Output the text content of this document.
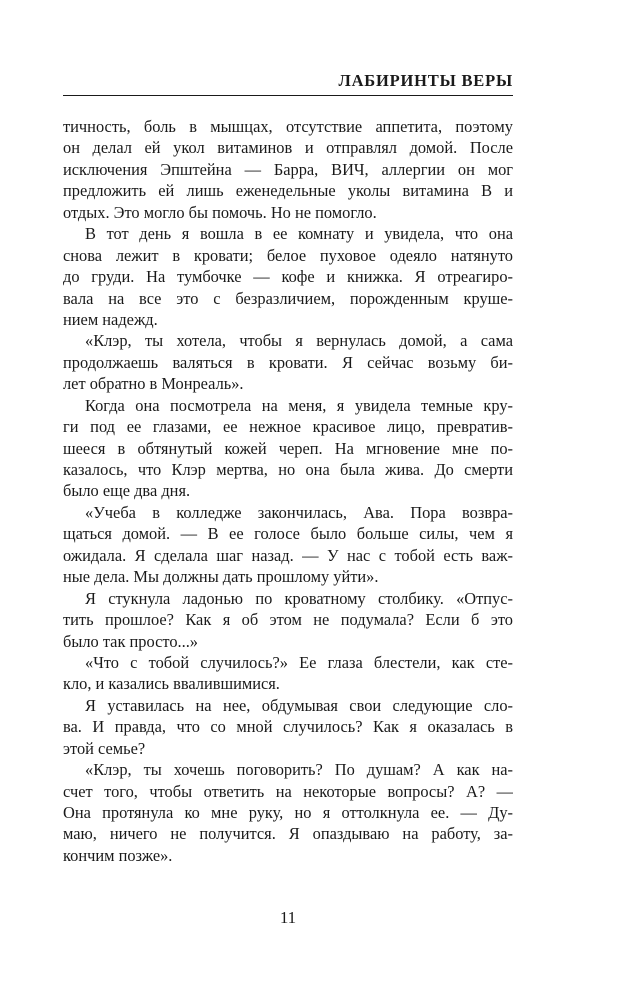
ЛАБИРИНТЫ ВЕРЫ
тичность, боль в мышцах, отсутствие аппетита, поэтому
он делал ей укол витаминов и отправлял домой. После
исключения Эпштейна — Барра, ВИЧ, аллергии он мог
предложить ей лишь еженедельные уколы витамина B и
отдых. Это могло бы помочь. Но не помогло.
В тот день я вошла в ее комнату и увидела, что она
снова лежит в кровати; белое пуховое одеяло натянуто
до груди. На тумбочке — кофе и книжка. Я отреагиро-
вала на все это с безразличием, порожденным круше-
нием надежд.
«Клэр, ты хотела, чтобы я вернулась домой, а сама
продолжаешь валяться в кровати. Я сейчас возьму би-
лет обратно в Монреаль».
Когда она посмотрела на меня, я увидела темные кру-
ги под ее глазами, ее нежное красивое лицо, превратив-
шееся в обтянутый кожей череп. На мгновение мне по-
казалось, что Клэр мертва, но она была жива. До смерти
было еще два дня.
«Учеба в колледже закончилась, Ава. Пора возвра-
щаться домой. — В ее голосе было больше силы, чем я
ожидала. Я сделала шаг назад. — У нас с тобой есть важ-
ные дела. Мы должны дать прошлому уйти».
Я стукнула ладонью по кроватному столбику. «Отпус-
тить прошлое? Как я об этом не подумала? Если б это
было так просто...»
«Что с тобой случилось?» Ее глаза блестели, как сте-
кло, и казались ввалившимися.
Я уставилась на нее, обдумывая свои следующие сло-
ва. И правда, что со мной случилось? Как я оказалась в
этой семье?
«Клэр, ты хочешь поговорить? По душам? А как на-
счет того, чтобы ответить на некоторые вопросы? А? —
Она протянула ко мне руку, но я оттолкнула ее. — Ду-
маю, ничего не получится. Я опаздываю на работу, за-
кончим позже».
11
